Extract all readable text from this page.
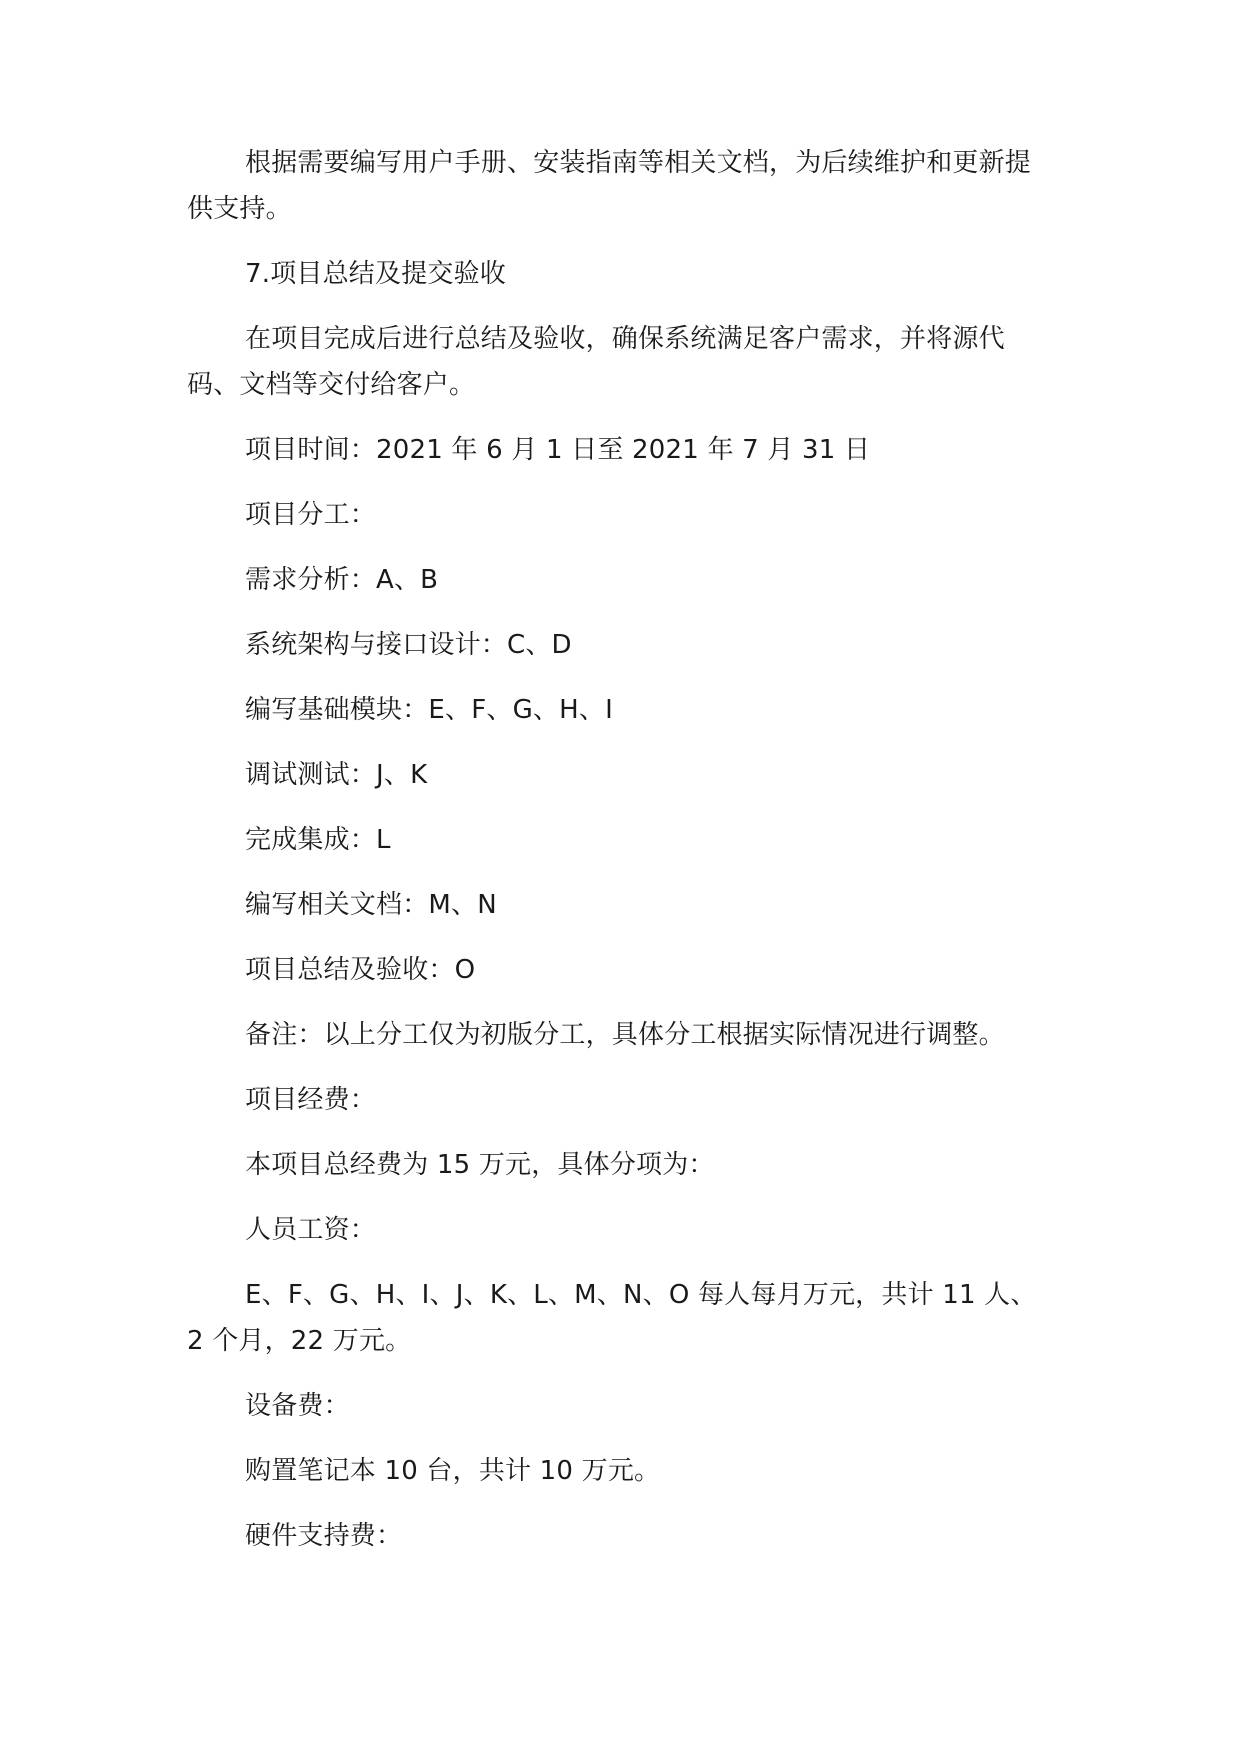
根据需要编写用户手册、安装指南等相关文档，为后续维护和更新提供支持。

7.项目总结及提交验收

在项目完成后进行总结及验收，确保系统满足客户需求，并将源代码、文档等交付给客户。

项目时间：2021 年 6 月 1 日至 2021 年 7 月 31 日

项目分工：

需求分析：A、B

系统架构与接口设计：C、D

编写基础模块：E、F、G、H、I

调试测试：J、K

完成集成：L

编写相关文档：M、N

项目总结及验收：O

备注：以上分工仅为初版分工，具体分工根据实际情况进行调整。

项目经费：

本项目总经费为 15 万元，具体分项为：

人员工资：

E、F、G、H、I、J、K、L、M、N、O 每人每月万元，共计 11 人、2 个月，22 万元。

设备费：

购置笔记本 10 台，共计 10 万元。

硬件支持费：
